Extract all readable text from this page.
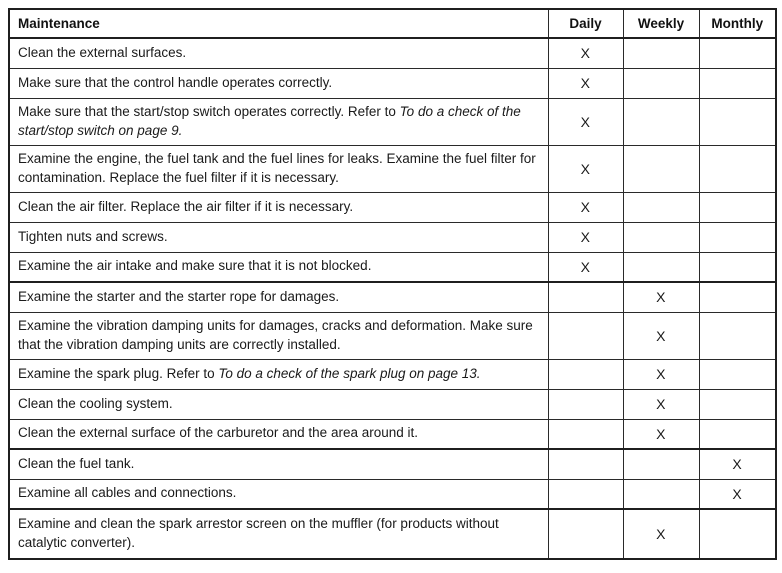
Maintenance	Daily	Weekly	Monthly
Clean the external surfaces.	X		
Make sure that the control handle operates correctly.	X		
Make sure that the start/stop switch operates correctly. Refer to To do a check of the start/stop switch on page 9.	X		
Examine the engine, the fuel tank and the fuel lines for leaks. Examine the fuel filter for contamination. Replace the fuel filter if it is necessary.	X		
Clean the air filter. Replace the air filter if it is necessary.	X		
Tighten nuts and screws.	X		
Examine the air intake and make sure that it is not blocked.	X		
Examine the starter and the starter rope for damages.		X	
Examine the vibration damping units for damages, cracks and deformation. Make sure that the vibration damping units are correctly installed.		X	
Examine the spark plug. Refer to To do a check of the spark plug on page 13.		X	
Clean the cooling system.		X	
Clean the external surface of the carburetor and the area around it.		X	
Clean the fuel tank.			X
Examine all cables and connections.			X
Examine and clean the spark arrestor screen on the muffler (for products without catalytic converter).		X	
